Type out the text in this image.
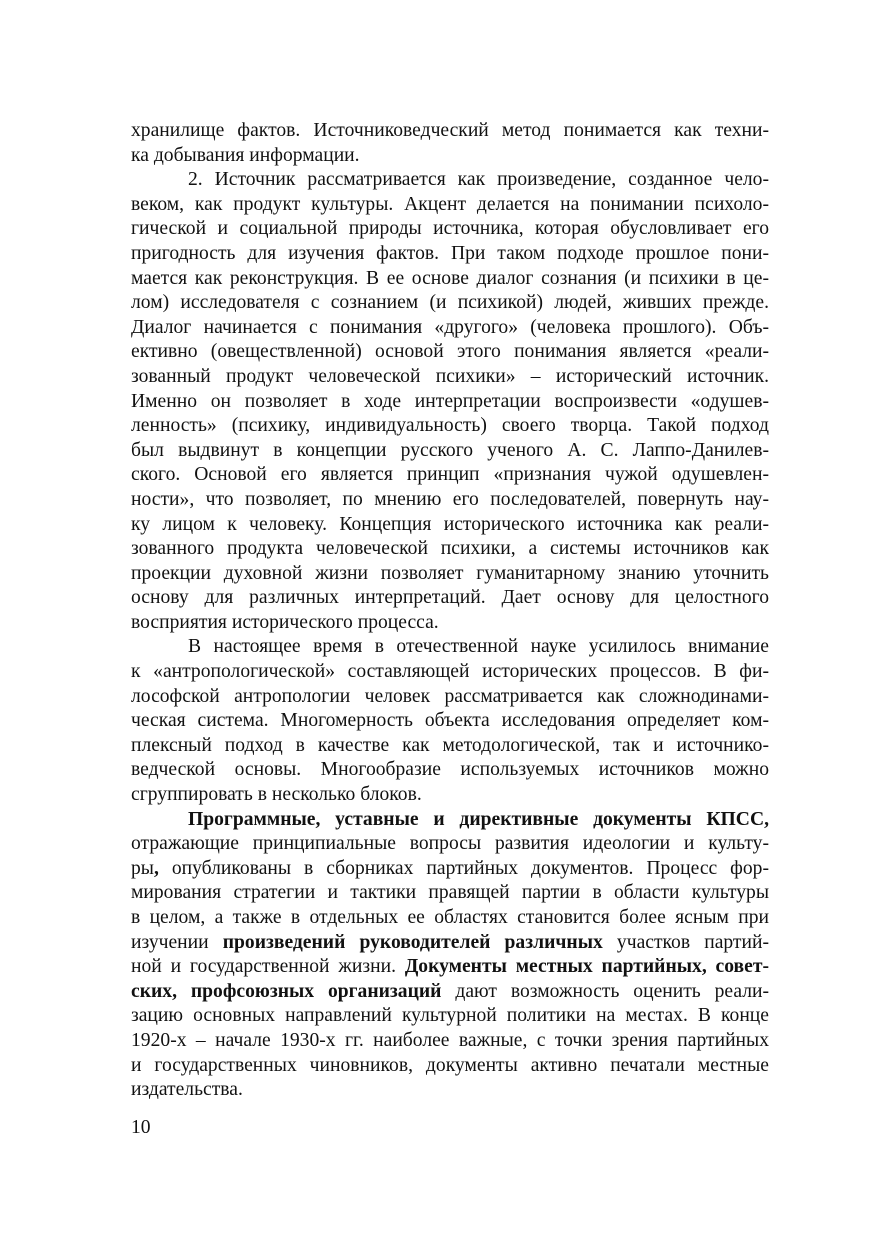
хранилище фактов. Источниковедческий метод понимается как техни-
ка добывания информации.
2. Источник рассматривается как произведение, созданное чело-
веком, как продукт культуры. Акцент делается на понимании психоло-
гической и социальной природы источника, которая обусловливает его
пригодность для изучения фактов. При таком подходе прошлое пони-
мается как реконструкция. В ее основе диалог сознания (и психики в це-
лом) исследователя с сознанием (и психикой) людей, живших прежде.
Диалог начинается с понимания «другого» (человека прошлого). Объ-
ективно (овеществленной) основой этого понимания является «реали-
зованный продукт человеческой психики» – исторический источник.
Именно он позволяет в ходе интерпретации воспроизвести «одушев-
ленность» (психику, индивидуальность) своего творца. Такой подход
был выдвинут в концепции русского ученого А. С. Лаппо-Данилев-
ского. Основой его является принцип «признания чужой одушевлен-
ности», что позволяет, по мнению его последователей, повернуть нау-
ку лицом к человеку. Концепция исторического источника как реали-
зованного продукта человеческой психики, а системы источников как
проекции духовной жизни позволяет гуманитарному знанию уточнить
основу для различных интерпретаций. Дает основу для целостного
восприятия исторического процесса.
В настоящее время в отечественной науке усилилось внимание
к «антропологической» составляющей исторических процессов. В фи-
лософской антропологии человек рассматривается как сложнодинами-
ческая система. Многомерность объекта исследования определяет ком-
плексный подход в качестве как методологической, так и источнико-
ведческой основы. Многообразие используемых источников можно
сгруппировать в несколько блоков.
Программные, уставные и директивные документы КПСС,
отражающие принципиальные вопросы развития идеологии и культу-
ры, опубликованы в сборниках партийных документов. Процесс фор-
мирования стратегии и тактики правящей партии в области культуры
в целом, а также в отдельных ее областях становится более ясным при
изучении произведений руководителей различных участков партий-
ной и государственной жизни. Документы местных партийных, совет-
ских, профсоюзных организаций дают возможность оценить реали-
зацию основных направлений культурной политики на местах. В конце
1920-х – начале 1930-х гг. наиболее важные, с точки зрения партийных
и государственных чиновников, документы активно печатали местные
издательства.
10
